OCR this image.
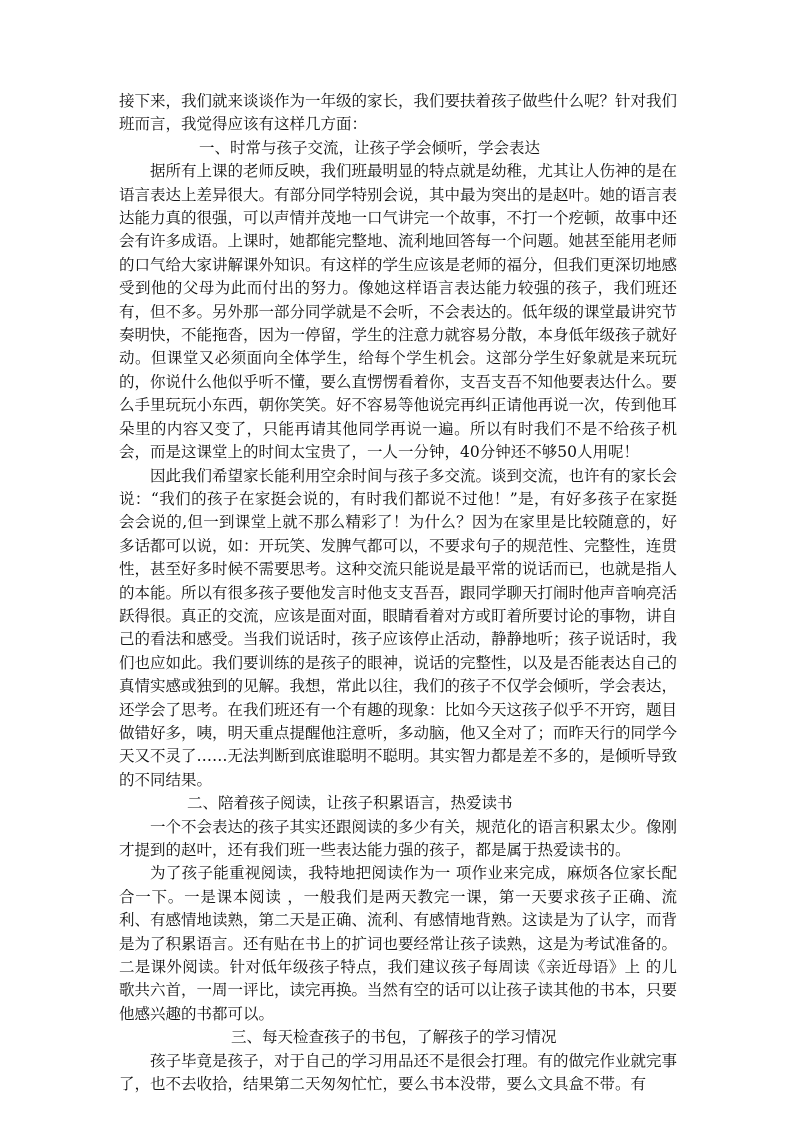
接下来，我们就来谈谈作为一年级的家长，我们要扶着孩子做些什么呢？针对我们班而言，我觉得应该有这样几方面：

一、时常与孩子交流，让孩子学会倾听，学会表达

据所有上课的老师反映，我们班最明显的特点就是幼稚，尤其让人伤神的是在语言表达上差异很大。有部分同学特别会说，其中最为突出的是赵叶。她的语言表达能力真的很强，可以声情并茂地一口气讲完一个故事，不打一个疙顿，故事中还会有许多成语。上课时，她都能完整地、流利地回答每一个问题。她甚至能用老师的口气给大家讲解课外知识。有这样的学生应该是老师的福分，但我们更深切地感受到他的父母为此而付出的努力。像她这样语言表达能力较强的孩子，我们班还有，但不多。另外那一部分同学就是不会听，不会表达的。低年级的课堂最讲究节奏明快，不能拖沓，因为一停留，学生的注意力就容易分散，本身低年级孩子就好动。但课堂又必须面向全体学生，给每个学生机会。这部分学生好象就是来玩玩的，你说什么他似乎听不懂，要么直愣愣看着你，支吾支吾不知他要表达什么。要么手里玩玩小东西，朝你笑笑。好不容易等他说完再纠正请他再说一次，传到他耳朵里的内容又变了，只能再请其他同学再说一遍。所以有时我们不是不给孩子机会，而是这课堂上的时间太宝贵了，一人一分钟，40分钟还不够50人用呢！

因此我们希望家长能利用空余时间与孩子多交流。谈到交流，也许有的家长会说：“我们的孩子在家挺会说的，有时我们都说不过他！”是，有好多孩子在家挺会会说的,但一到课堂上就不那么精彩了！为什么？因为在家里是比较随意的，好多话都可以说，如：开玩笑、发脾气都可以，不要求句子的规范性、完整性，连贯性，甚至好多时候不需要思考。这种交流只能说是最平常的说话而已，也就是指人的本能。所以有很多孩子要他发言时他支支吾吾，跟同学聊天打闹时他声音响亮活跃得很。真正的交流，应该是面对面，眼睛看着对方或盯着所要讨论的事物，讲自己的看法和感受。当我们说话时，孩子应该停止活动，静静地听；孩子说话时，我们也应如此。我们要训练的是孩子的眼神，说话的完整性，以及是否能表达自己的真情实感或独到的见解。我想，常此以往，我们的孩子不仅学会倾听，学会表达，还学会了思考。在我们班还有一个有趣的现象：比如今天这孩子似乎不开窍，题目做错好多，咦，明天重点提醒他注意听，多动脑，他又全对了；而昨天行的同学今天又不灵了……无法判断到底谁聪明不聪明。其实智力都是差不多的，是倾听导致的不同结果。

二、陪着孩子阅读，让孩子积累语言，热爱读书

一个不会表达的孩子其实还跟阅读的多少有关，规范化的语言积累太少。像刚才提到的赵叶，还有我们班一些表达能力强的孩子，都是属于热爱读书的。

为了孩子能重视阅读，我特地把阅读作为一 项作业来完成，麻烦各位家长配合一下。一是课本阅读 ，一般我们是两天教完一课，第一天要求孩子正确、流利、有感情地读熟，第二天是正确、流利、有感情地背熟。这读是为了认字，而背是为了积累语言。还有贴在书上的扩词也要经常让孩子读熟，这是为考试准备的。二是课外阅读。针对低年级孩子特点，我们建议孩子每周读《亲近母语》上 的儿歌共六首，一周一评比，读完再换。当然有空的话可以让孩子读其他的书本，只要他感兴趣的书都可以。

三、每天检查孩子的书包，了解孩子的学习情况

孩子毕竟是孩子，对于自己的学习用品还不是很会打理。有的做完作业就完事了，也不去收拾，结果第二天匆匆忙忙，要么书本没带，要么文具盒不带。有
